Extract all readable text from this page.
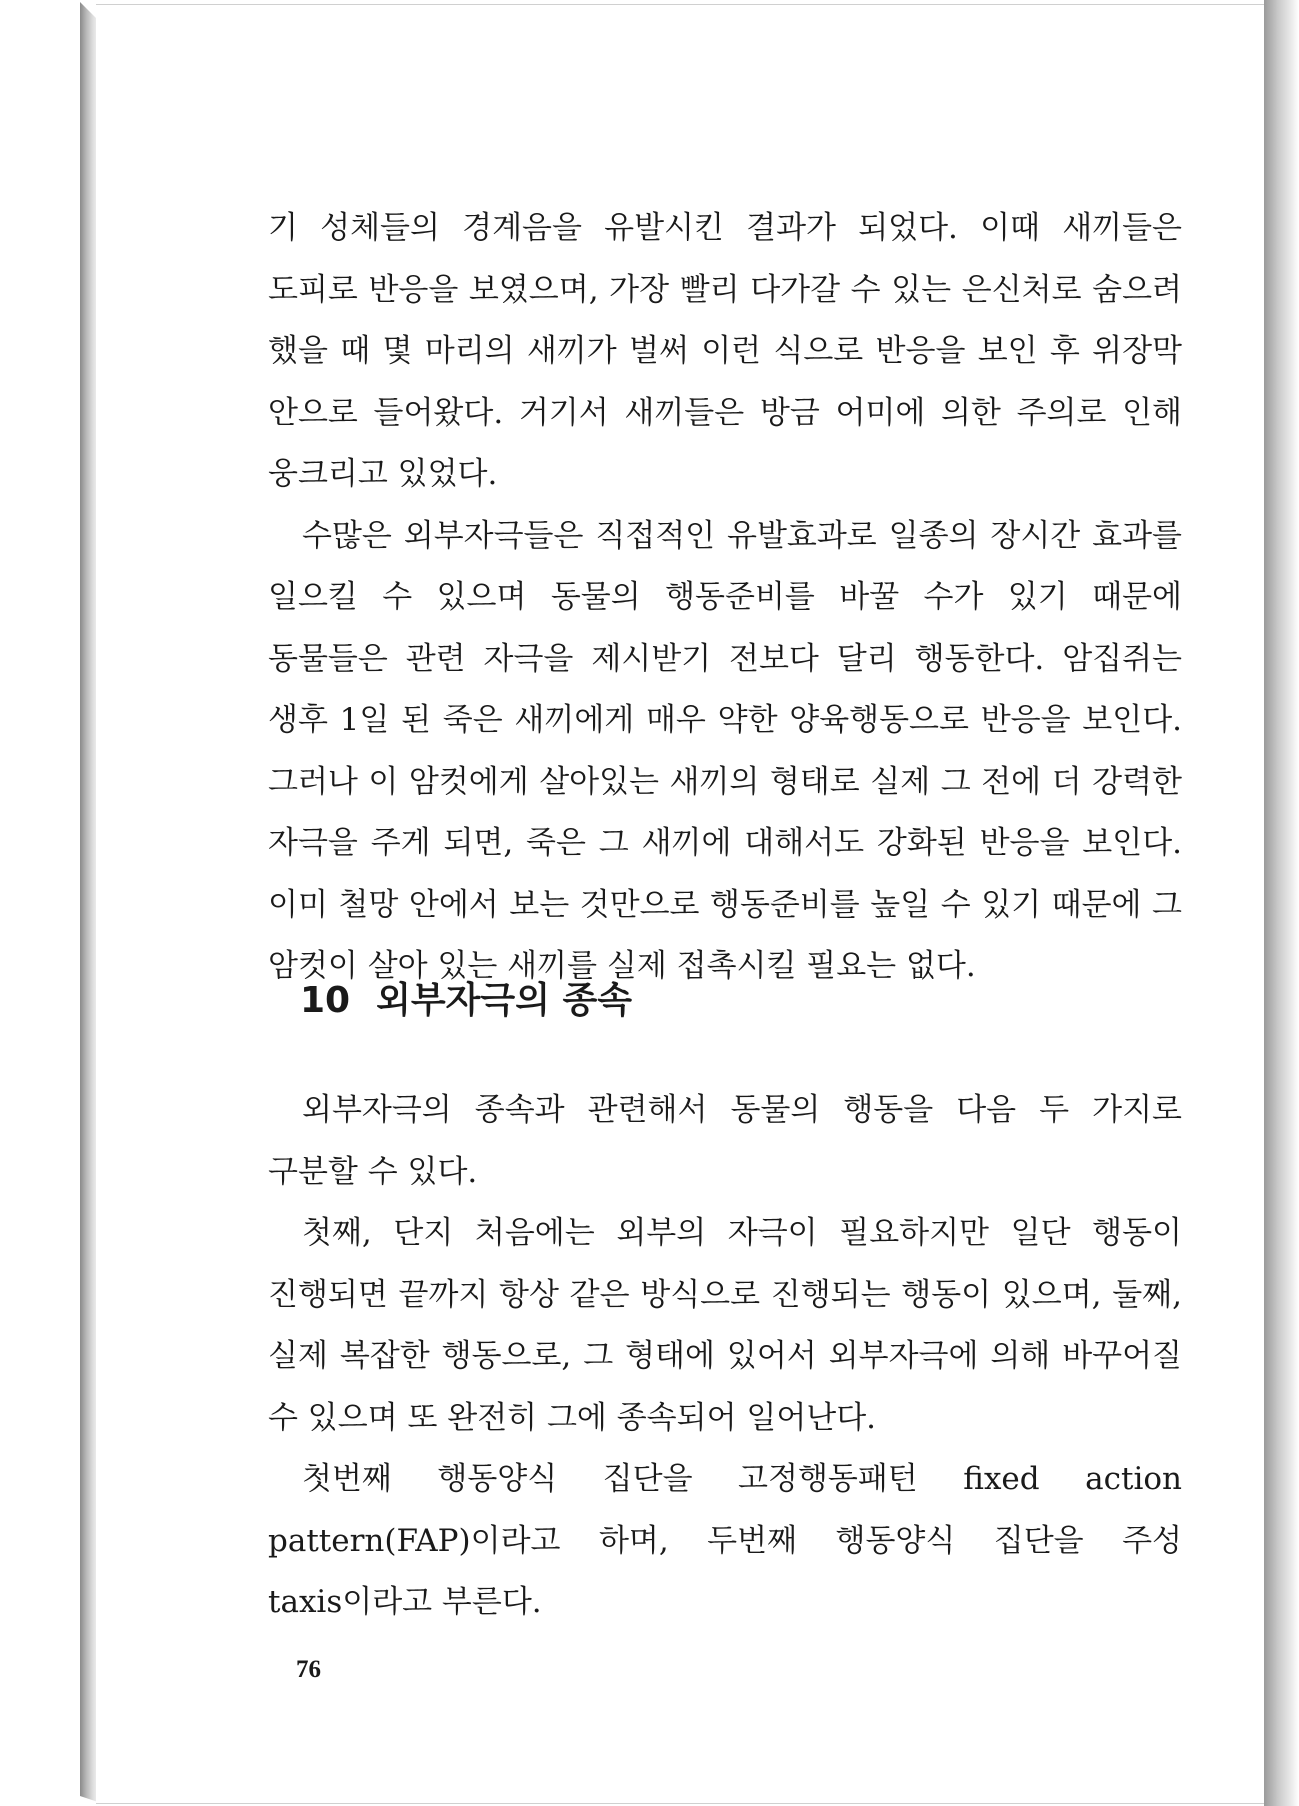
기 성체들의 경계음을 유발시킨 결과가 되었다. 이때 새끼들은 도피로 반응을 보였으며, 가장 빨리 다가갈 수 있는 은신처로 숨으려 했을 때 몇 마리의 새끼가 벌써 이런 식으로 반응을 보인 후 위장막 안으로 들어왔다. 거기서 새끼들은 방금 어미에 의한 주의로 인해 웅크리고 있었다.

수많은 외부자극들은 직접적인 유발효과로 일종의 장시간 효과를 일으킬 수 있으며 동물의 행동준비를 바꿀 수가 있기 때문에 동물들은 관련 자극을 제시받기 전보다 달리 행동한다. 암집쥐는 생후 1일 된 죽은 새끼에게 매우 약한 양육행동으로 반응을 보인다. 그러나 이 암컷에게 살아있는 새끼의 형태로 실제 그 전에 더 강력한 자극을 주게 되면, 죽은 그 새끼에 대해서도 강화된 반응을 보인다. 이미 철망 안에서 보는 것만으로 행동준비를 높일 수 있기 때문에 그 암컷이 살아 있는 새끼를 실제 접촉시킬 필요는 없다.

10 외부자극의 종속

외부자극의 종속과 관련해서 동물의 행동을 다음 두 가지로 구분할 수 있다.

첫째, 단지 처음에는 외부의 자극이 필요하지만 일단 행동이 진행되면 끝까지 항상 같은 방식으로 진행되는 행동이 있으며, 둘째, 실제 복잡한 행동으로, 그 형태에 있어서 외부자극에 의해 바꾸어질 수 있으며 또 완전히 그에 종속되어 일어난다.

첫번째 행동양식 집단을 고정행동패턴 fixed action pattern(FAP)이라고 하며, 두번째 행동양식 집단을 주성 taxis이라고 부른다.

76
